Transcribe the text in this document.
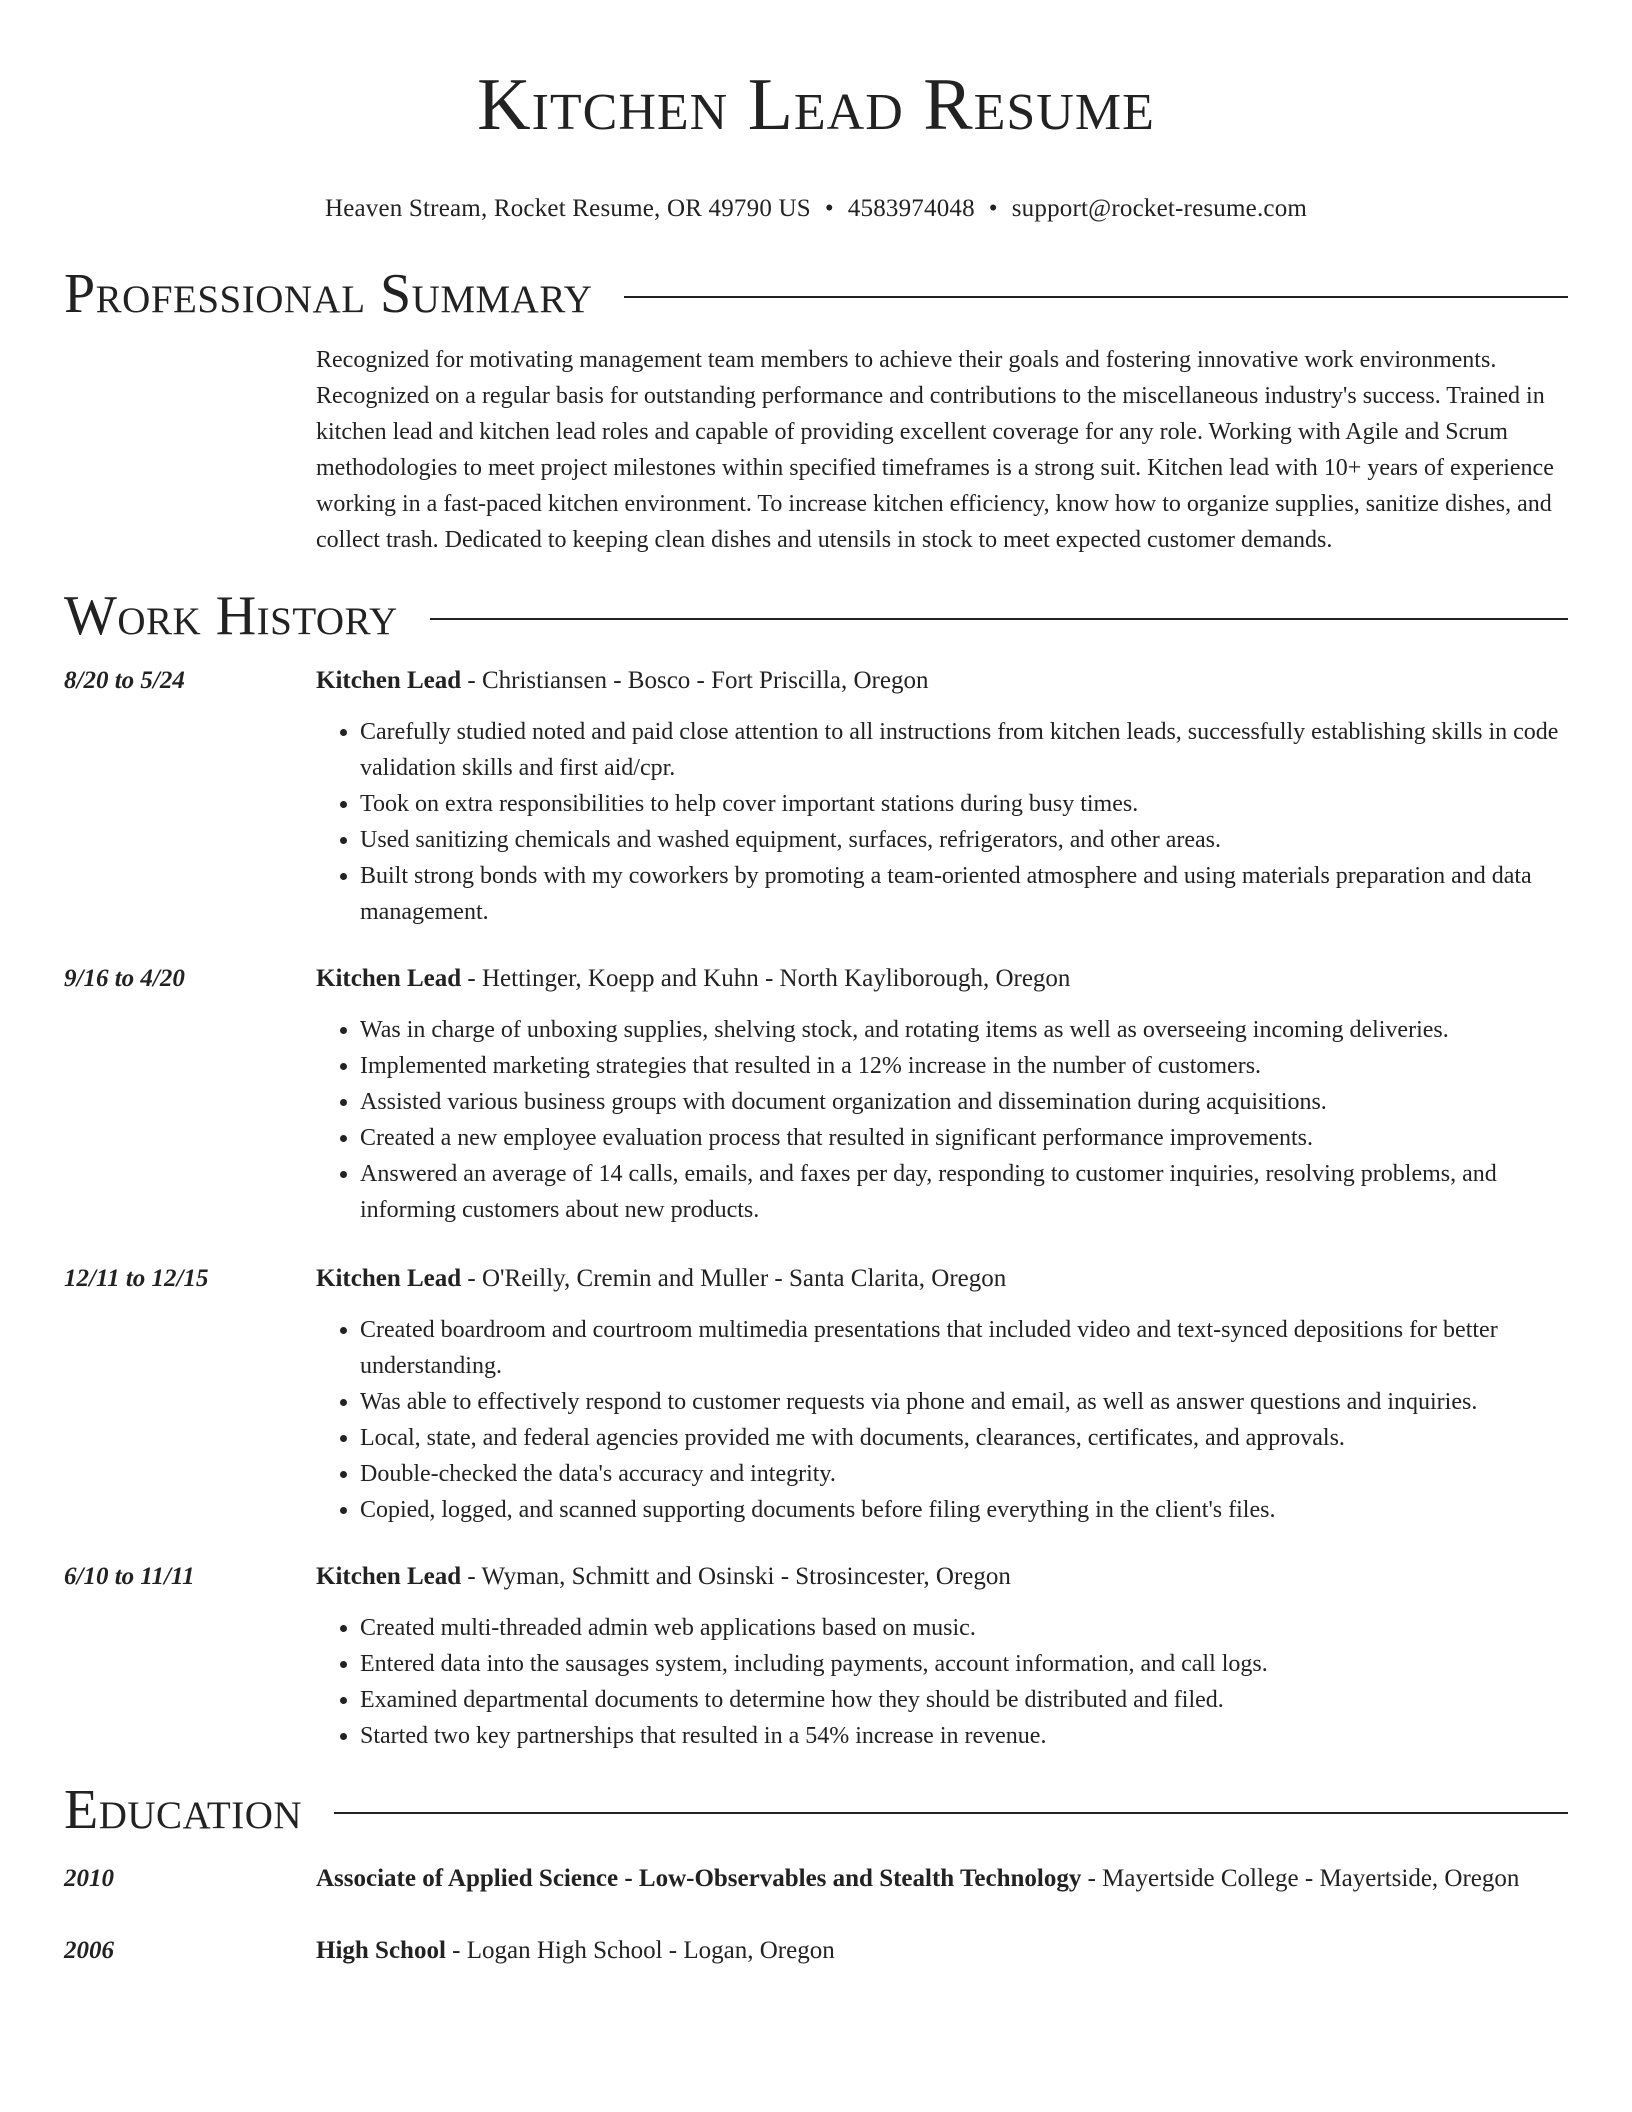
Kitchen Lead Resume
Heaven Stream, Rocket Resume, OR 49790 US • 4583974048 • support@rocket-resume.com
Professional Summary

Recognized for motivating management team members to achieve their goals and fostering innovative work environments. Recognized on a regular basis for outstanding performance and contributions to the miscellaneous industry's success. Trained in kitchen lead and kitchen lead roles and capable of providing excellent coverage for any role. Working with Agile and Scrum methodologies to meet project milestones within specified timeframes is a strong suit. Kitchen lead with 10+ years of experience working in a fast-paced kitchen environment. To increase kitchen efficiency, know how to organize supplies, sanitize dishes, and collect trash. Dedicated to keeping clean dishes and utensils in stock to meet expected customer demands.

Work History
8/20 to 5/24	Kitchen Lead - Christiansen - Bosco - Fort Priscilla, Oregon
• Carefully studied noted and paid close attention to all instructions from kitchen leads, successfully establishing skills in code validation skills and first aid/cpr.
• Took on extra responsibilities to help cover important stations during busy times.
• Used sanitizing chemicals and washed equipment, surfaces, refrigerators, and other areas.
• Built strong bonds with my coworkers by promoting a team-oriented atmosphere and using materials preparation and data management.
9/16 to 4/20	Kitchen Lead - Hettinger, Koepp and Kuhn - North Kayliborough, Oregon
• Was in charge of unboxing supplies, shelving stock, and rotating items as well as overseeing incoming deliveries.
• Implemented marketing strategies that resulted in a 12% increase in the number of customers.
• Assisted various business groups with document organization and dissemination during acquisitions.
• Created a new employee evaluation process that resulted in significant performance improvements.
• Answered an average of 14 calls, emails, and faxes per day, responding to customer inquiries, resolving problems, and informing customers about new products.
12/11 to 12/15	Kitchen Lead - O'Reilly, Cremin and Muller - Santa Clarita, Oregon
• Created boardroom and courtroom multimedia presentations that included video and text-synced depositions for better understanding.
• Was able to effectively respond to customer requests via phone and email, as well as answer questions and inquiries.
• Local, state, and federal agencies provided me with documents, clearances, certificates, and approvals.
• Double-checked the data's accuracy and integrity.
• Copied, logged, and scanned supporting documents before filing everything in the client's files.
6/10 to 11/11	Kitchen Lead - Wyman, Schmitt and Osinski - Strosincester, Oregon
• Created multi-threaded admin web applications based on music.
• Entered data into the sausages system, including payments, account information, and call logs.
• Examined departmental documents to determine how they should be distributed and filed.
• Started two key partnerships that resulted in a 54% increase in revenue.
Education
2010	Associate of Applied Science - Low-Observables and Stealth Technology - Mayertside College - Mayertside, Oregon
2006	High School - Logan High School - Logan, Oregon
